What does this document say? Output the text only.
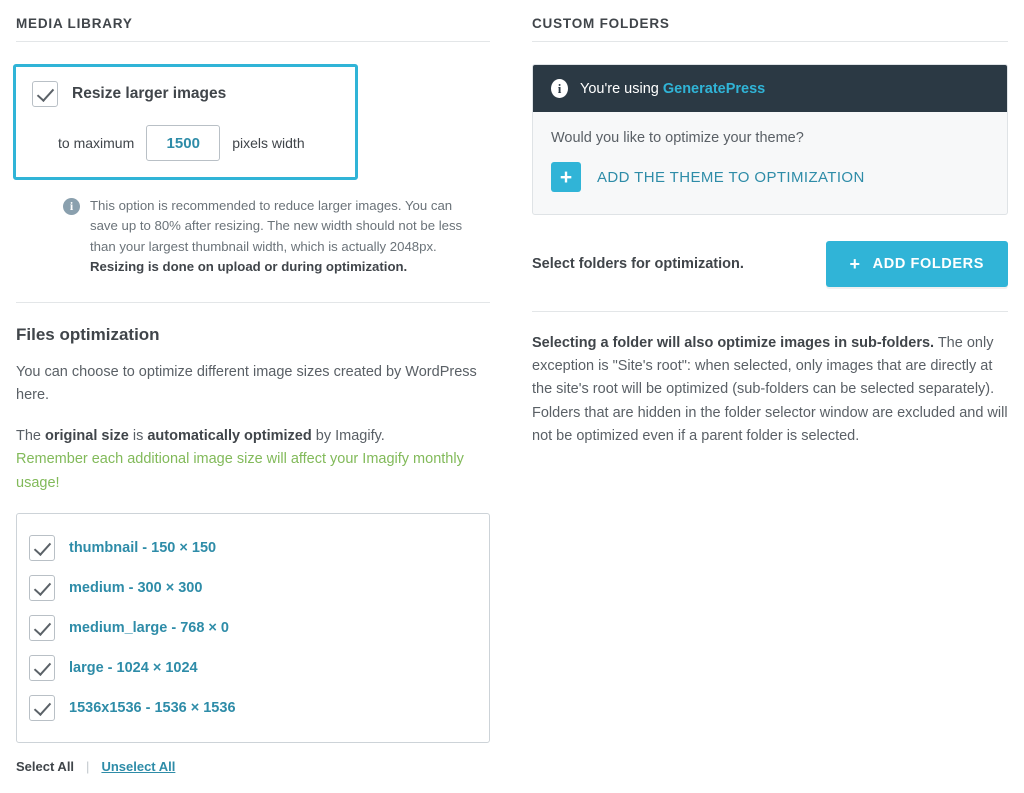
MEDIA LIBRARY
Resize larger images
to maximum
1500	pixels width
i	This option is recommended to reduce larger images. You can save up to 80% after resizing. The new width should not be less than your largest thumbnail width, which is actually 2048px. Resizing is done on upload or during optimization.
Files optimization

You can choose to optimize different image sizes created by WordPress here.

The original size is automatically optimized by Imagify.
Remember each additional image size will affect your Imagify monthly usage!

thumbnail - 150 × 150
medium - 300 × 300
medium_large - 768 × 0
large - 1024 × 1024
1536x1536 - 1536 × 1536
Select All | Unselect All
CUSTOM FOLDERS
i	You're using GeneratePress

Would you like to optimize your theme?

+	ADD THE THEME TO OPTIMIZATION
Select folders for optimization.	+ ADD FOLDERS

Selecting a folder will also optimize images in sub-folders. The only exception is "Site's root": when selected, only images that are directly at the site's root will be optimized (sub-folders can be selected separately).

Folders that are hidden in the folder selector window are excluded and will not be optimized even if a parent folder is selected.
